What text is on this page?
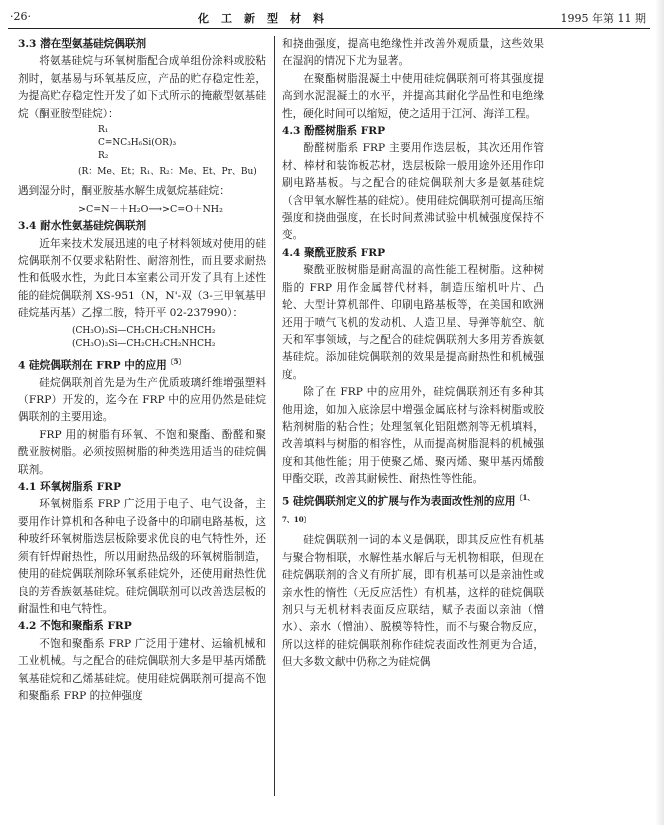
·26·	化工新型材料	1995 年第 11 期
3.3 潜在型氨基硅烷偶联剂

将氨基硅烷与环氧树脂配合成单组份涂料或胶粘剂时，氨基易与环氧基反应，产品的贮存稳定性差，为提高贮存稳定性开发了如下式所示的掩蔽型氨基硅烷（酮亚胺型硅烷）：

R₁
C=NC₃H₆Si(OR)₃
R₂
(R：Me、Et；R₁、R₂：Me、Et、Pr、Bu)

遇到湿分时，酮亚胺基水解生成氨烷基硅烷：

>C=N－＋H₂O⟶>C=O＋NH₂
3.4 耐水性氨基硅烷偶联剂

近年来技术发展迅速的电子材料领域对使用的硅烷偶联剂不仅要求粘附性、耐溶剂性，而且要求耐热性和低吸水性，为此日本室素公司开发了具有上述性能的硅烷偶联剂 XS-951（N，N'-双（3-三甲氧基甲硅烷基丙基）乙撑二胺，特开平 02-237990）：

(CH₃O)₃Si—CH₂CH₂CH₂NHCH₂
(CH₃O)₃Si—CH₂CH₂CH₂NHCH₂
4 硅烷偶联剂在 FRP 中的应用$^{〔5〕}$

硅烷偶联剂首先是为生产优质玻璃纤维增强塑料（FRP）开发的，迄今在 FRP 中的应用仍然是硅烷偶联剂的主要用途。

FRP 用的树脂有环氧、不饱和聚酯、酚醛和聚酰亚胺树脂。必须按照树脂的种类选用适当的硅烷偶联剂。

4.1 环氧树脂系 FRP

环氧树脂系 FRP 广泛用于电子、电气设备，主要用作计算机和各种电子设备中的印刷电路基板，这种玻纤环氧树脂迭层板除要求优良的电气特性外，还须有钎焊耐热性，所以用耐热品级的环氧树脂制造，使用的硅烷偶联剂除环氧系硅烷外，还使用耐热性优良的芳香族氨基硅烷。硅烷偶联剂可以改善迭层板的耐温性和电气特性。

4.2 不饱和聚酯系 FRP

不饱和聚酯系 FRP 广泛用于建材、运输机械和工业机械。与之配合的硅烷偶联剂大多是甲基丙烯酰氧基硅烷和乙烯基硅烷。使用硅烷偶联剂可提高不饱和聚酯系 FRP 的拉伸强度

和挠曲强度，提高电绝缘性并改善外观质量，这些效果在湿润的情况下尤为显著。

在聚酯树脂混凝土中使用硅烷偶联剂可将其强度提高到水泥混凝土的水平，并提高其耐化学品性和电绝缘性，硬化时间可以缩短，使之适用于江河、海洋工程。

4.3 酚醛树脂系 FRP

酚醛树脂系 FRP 主要用作迭层板，其次还用作管材、棒材和装饰板芯材，迭层板除一般用途外还用作印刷电路基板。与之配合的硅烷偶联剂大多是氨基硅烷（含甲氧水解性基的硅烷）。使用硅烷偶联剂可提高压缩强度和挠曲强度，在长时间煮沸试验中机械强度保持不变。

4.4 聚酰亚胺系 FRP

聚酰亚胺树脂是耐高温的高性能工程树脂。这种树脂的 FRP 用作金属替代材料，制造压缩机叶片、凸轮、大型计算机部件、印刷电路基板等，在美国和欧洲还用于喷气飞机的发动机、人造卫星、导弹等航空、航天和军事领域，与之配合的硅烷偶联剂大多用芳香族氨基硅烷。添加硅烷偶联剂的效果是提高耐热性和机械强度。

除了在 FRP 中的应用外，硅烷偶联剂还有多种其他用途，如加入底涂层中增强金属底材与涂料树脂或胶粘剂树脂的粘合性；处理氢氧化铝阻燃剂等无机填料，改善填料与树脂的相容性，从而提高树脂混料的机械强度和其他性能；用于使聚乙烯、聚丙烯、聚甲基丙烯酸甲酯交联，改善其耐候性、耐热性等性能。

5 硅烷偶联剂定义的扩展与作为表面改性剂的应用$^{〔1、7、10〕}$

硅烷偶联剂一词的本义是偶联，即其反应性有机基与聚合物相联，水解性基水解后与无机物相联，但现在硅烷偶联剂的含义有所扩展，即有机基可以是亲油性或亲水性的惰性（无反应活性）有机基，这样的硅烷偶联剂只与无机材料表面反应联结，赋予表面以亲油（憎水）、亲水（憎油）、脱模等特性，而不与聚合物反应，所以这样的硅烷偶联剂称作硅烷表面改性剂更为合适，但大多数文献中仍称之为硅烷偶
